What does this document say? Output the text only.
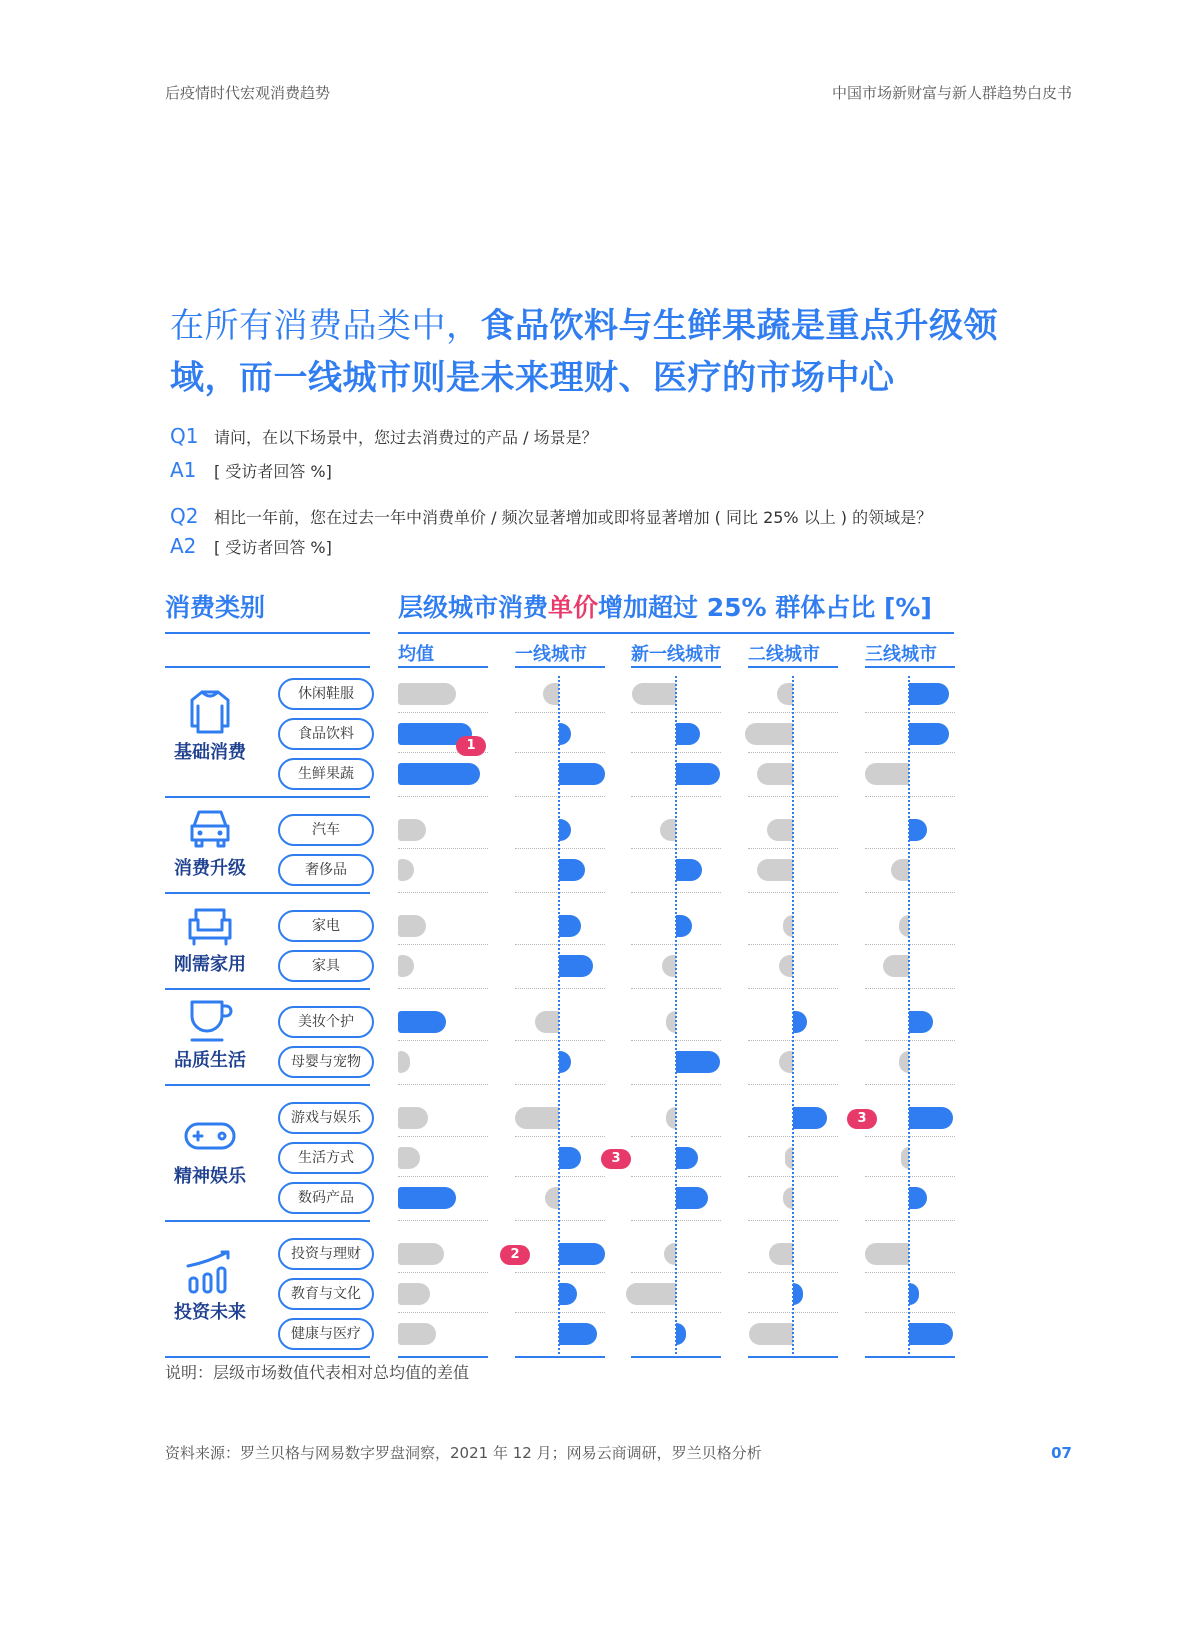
后疫情时代宏观消费趋势	中国市场新财富与新人群趋势白皮书
在所有消费品类中，食品饮料与生鲜果蔬是重点升级领
域，而一线城市则是未来理财、医疗的市场中心
Q1 请问，在以下场景中，您过去消费过的产品 / 场景是？
A1 [ 受访者回答 %]
Q2 相比一年前，您在过去一年中消费单价 / 频次显著增加或即将显著增加 ( 同比 25% 以上 ) 的领域是？
A2 [ 受访者回答 %]
消费类别	层级城市消费单价增加超过 25% 群体占比 [%]
均值	一线城市	新一线城市 二线城市	三线城市
基础消费
休闲鞋服
食品饮料
生鲜果蔬
消费升级
汽车
奢侈品
刚需家用
家电
家具
品质生活
美妆个护
母婴与宠物
精神娱乐
游戏与娱乐
生活方式
数码产品
投资未来
投资与理财
教育与文化
健康与医疗
1
2
3
3
说明：层级市场数值代表相对总均值的差值
资料来源：罗兰贝格与网易数字罗盘洞察，2021 年 12 月；网易云商调研，罗兰贝格分析	07
